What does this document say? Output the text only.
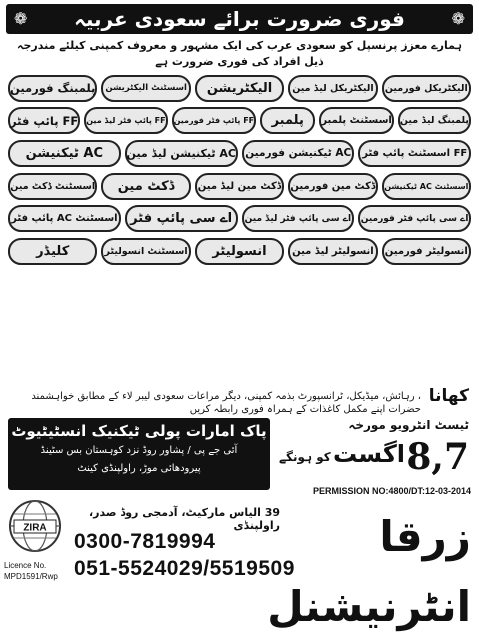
❁ فوری ضرورت برائے سعودی عربیہ	❁
ہمارے معزز پرنسپل کو سعودی عرب کی ایک مشہور و معروف کمپنی کیلئے مندرجہ ذیل افراد کی فوری ضرورت ہے
الیکٹریکل فورمین
الیکٹریکل لیڈ مین
الیکٹریشن
اسسٹنٹ الیکٹریشن
پلمبنگ فورمین
پلمبنگ لیڈ مین
اسسٹنٹ پلمبر
پلمبر
FF پائپ فٹر فورمین
FF پائپ فٹر لیڈ مین
FF پائپ فٹر
FF اسسٹنٹ پائپ فٹر
AC ٹیکنیشن فورمین
AC ٹیکنیشن لیڈ مین
AC ٹیکنیشن
اسسٹنٹ AC ٹیکنیشن
ڈکٹ مین فورمین
ڈکٹ مین لیڈ مین
ڈکٹ مین
اسسٹنٹ ڈکٹ مین
اے سی پائپ فٹر فورمین
اے سی پائپ فٹر لیڈ مین
اے سی پائپ فٹر
اسسٹنٹ AC پائپ فٹر
انسولیٹر فورمین
انسولیٹر لیڈ مین
انسولیٹر
اسسٹنٹ انسولیٹر
کلیڈر
کھانا
، رہائش، میڈیکل، ٹرانسپورٹ بذمہ کمپنی، دیگر مراعات سعودی لیبر لاء کے مطابق خواہشمند حضرات اپنے مکمل کاغذات کے ہمراہ فوری رابطہ کریں
ٹیسٹ انٹرویو مورخہ
پاک امارات پولی ٹیکنیک انسٹیٹیوٹ
آئی جے پی / پشاور روڈ نزد کوہستان بس سٹینڈ
پیرودھائی موڑ، راولپنڈی کینٹ	8,7
اگست
کو ہونگے
PERMISSION NO:4800/DT:12-03-2014
ZIRA
Licence No.
MPD1591/Rwp
زرقا انٹرنیشنل
39 الیاس مارکیٹ، آدمجی روڈ صدر، راولپنڈی
0300-7819994
051-5524029/5519509
